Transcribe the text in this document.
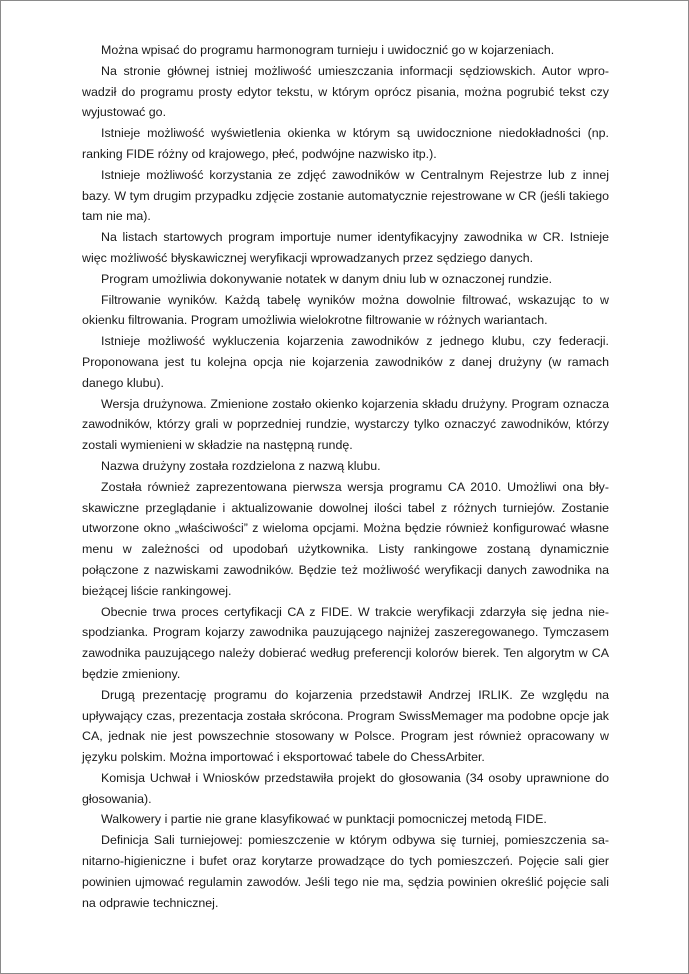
Można wpisać do programu harmonogram turnieju i uwidocznić go w kojarzeniach.

Na stronie głównej istniej możliwość umieszczania informacji sędziowskich. Autor wprowadził do programu prosty edytor tekstu, w którym oprócz pisania, można pogrubić tekst czy wyjustować go.

Istnieje możliwość wyświetlenia okienka w którym są uwidocznione niedokładności (np. ranking FIDE różny od krajowego, płeć, podwójne nazwisko itp.).

Istnieje możliwość korzystania ze zdjęć zawodników w Centralnym Rejestrze lub z innej bazy. W tym drugim przypadku zdjęcie zostanie automatycznie rejestrowane w CR (jeśli takiego tam nie ma).

Na listach startowych program importuje numer identyfikacyjny zawodnika w CR. Istnieje więc możliwość błyskawicznej weryfikacji wprowadzanych przez sędziego danych.

Program umożliwia dokonywanie notatek w danym dniu lub w oznaczonej rundzie.

Filtrowanie wyników. Każdą tabelę wyników można dowolnie filtrować, wskazując to w okienku filtrowania. Program umożliwia wielokrotne filtrowanie w różnych wariantach.

Istnieje możliwość wykluczenia kojarzenia zawodników z jednego klubu, czy federacji. Proponowana jest tu kolejna opcja nie kojarzenia zawodników z danej drużyny (w ramach danego klubu).

Wersja drużynowa. Zmienione zostało okienko kojarzenia składu drużyny. Program oznacza zawodników, którzy grali w poprzedniej rundzie, wystarczy tylko oznaczyć zawodników, którzy zostali wymienieni w składzie na następną rundę.

Nazwa drużyny została rozdzielona z nazwą klubu.

Została również zaprezentowana pierwsza wersja programu CA 2010. Umożliwi ona błyskawiczne przeglądanie i aktualizowanie dowolnej ilości tabel z różnych turniejów. Zostanie utworzone okno „właściwości” z wieloma opcjami. Można będzie również konfigurować własne menu w zależności od upodobań użytkownika. Listy rankingowe zostaną dynamicznie połączone z nazwiskami zawodników. Będzie też możliwość weryfikacji danych zawodnika na bieżącej liście rankingowej.

Obecnie trwa proces certyfikacji CA z FIDE. W trakcie weryfikacji zdarzyła się jedna niespodzianka. Program kojarzy zawodnika pauzującego najniżej zaszeregowanego. Tymczasem zawodnika pauzującego należy dobierać według preferencji kolorów bierek. Ten algorytm w CA będzie zmieniony.

Drugą prezentację programu do kojarzenia przedstawił Andrzej IRLIK. Ze względu na upływający czas, prezentacja została skrócona. Program SwissMemager ma podobne opcje jak CA, jednak nie jest powszechnie stosowany w Polsce. Program jest również opracowany w języku polskim. Można importować i eksportować tabele do ChessArbiter.

Komisja Uchwał i Wniosków przedstawiła projekt do głosowania (34 osoby uprawnione do głosowania).

Walkowery i partie nie grane klasyfikować w punktacji pomocniczej metodą FIDE.

Definicja Sali turniejowej: pomieszczenie w którym odbywa się turniej, pomieszczenia sanitarno-higieniczne i bufet oraz korytarze prowadzące do tych pomieszczeń. Pojęcie sali gier powinien ujmować regulamin zawodów. Jeśli tego nie ma, sędzia powinien określić pojęcie sali na odprawie technicznej.
